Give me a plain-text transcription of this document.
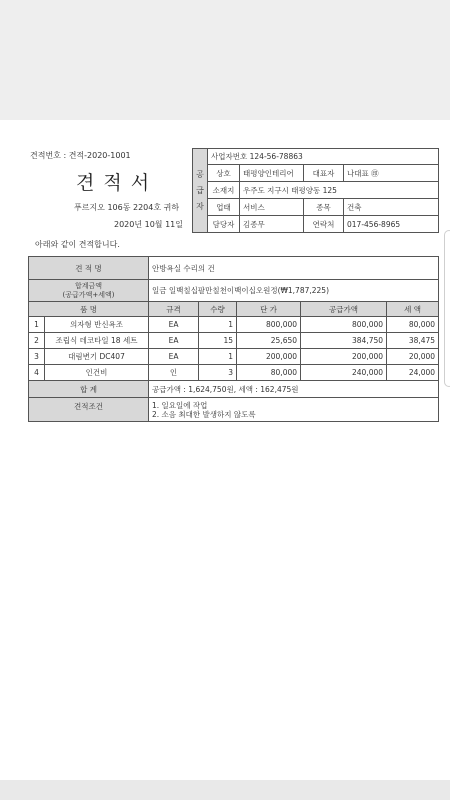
견적번호 : 견적-2020-1001
견적서
푸르지오 106동 2204호 귀하
2020년 10월 11일
아래와 같이 견적합니다.
공
급
자	사업자번호 124-56-78863			
	상호	태평양인테리어	대표자	나대표 ㊞
	소재지	우주도 지구시 태평양동 125		
	업태	서비스	종목	건축
	담당자	김종무	연락처	017-456-8965
견 적 명		안방욕실 수리의 건				

합계금액
(공급가액+세액)		일금 일백칠십팔만칠천이백이십오원정(₩1,787,225)				
품 명		규격	수량	단 가	공급가액	세 액
1	의자형 반신욕조	EA	1	800,000	800,000	80,000
2	조립식 데코타일 18 세트	EA	15	25,650	384,750	38,475
3	대림변기 DC407	EA	1	200,000	200,000	20,000
4	인건비	인	3	80,000	240,000	24,000
합 계		공급가액 : 1,624,750원, 세액 : 162,475원				
견적조건		1. 일요일에 작업
2. 소음 최대한 발생하지 않도록				
